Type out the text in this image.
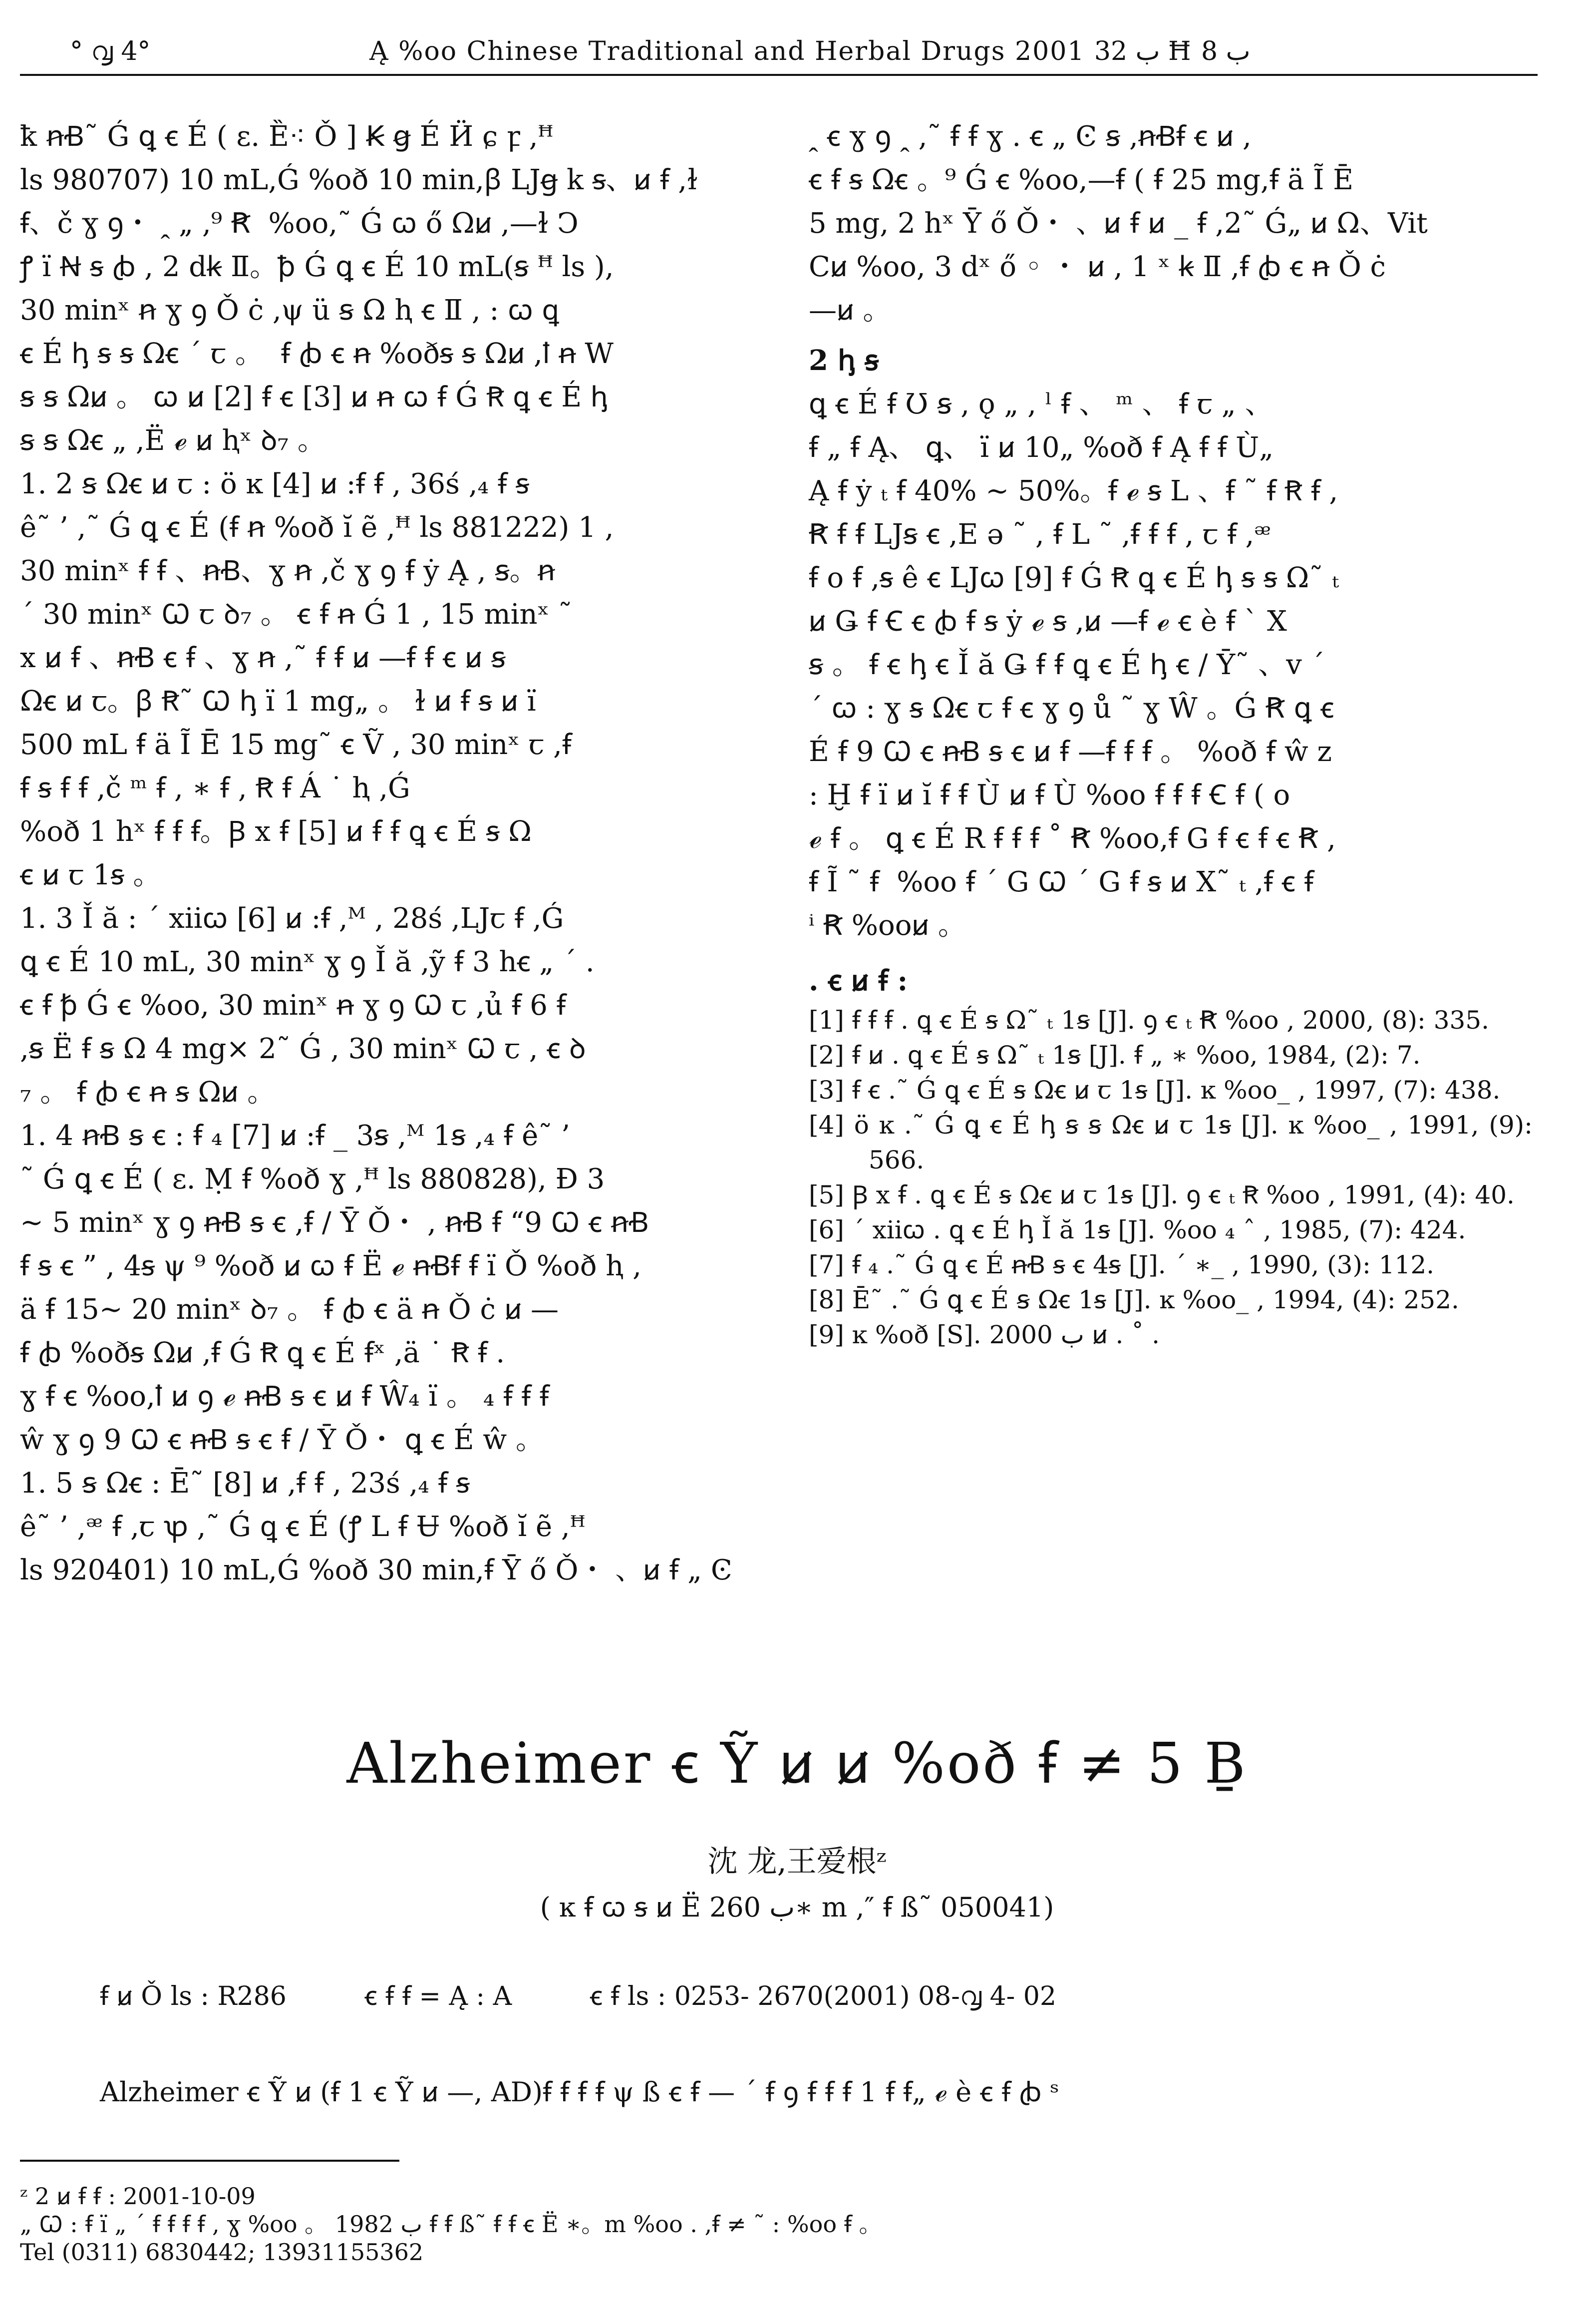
° ൮ 4°	Ą %oo Chinese Traditional and Herbal Drugs 2001 ب 32 Ħ ب 8

ꝁ ꞥꞖ˜ Ǵ ꝗ ꞓ É ( ɛ. Ȅ⁖ Ǒ ] Ꞣ ꞡ É Ӥ ɕ ꝼ ,ꟸ

ls 980707) 10 mL,Ǵ %oð 10 min,ꞵ LJꞡ k ꞩ、ꞹ ꞙ ,ɫ

ꞙ、č ɣ ꝯ・ ꞈ „ ,⁹ Ꞧ ‍ %oo,˜ Ǵ ꞷ ő Ωꞹ ,—ɫ Ͻ

ꝭ ï Ꞥ ꞩ ꞗ , 2 dꞣ Ⅱ。ꝥ Ǵ ꝗ ꞓ É 10 mL(ꞩ ꟸ ls ),

30 minˣ ꞥ ɣ ꝯ Ǒ ċ ,ψ ü ꞩ Ω ⱨ ꞓ Ⅱ , : ꞷ ꝗ

ꞓ É ꞕ ꞩ ꞩ Ωꞓ ˊ ꞇ 。 ‍ ꞙ ꞗ ꞓ ꞥ %oðꞩ ꞩ Ωꞹ ,ꝉ ꞥ W

ꞩ ꞩ Ωꞹ 。 ꞷ ꞹ [2] ꞙ ꞓ [3] ꞹ ꞥ ꞷ ꞙ Ǵ Ꞧ ꝗ ꞓ É ꞕ

ꞩ ꞩ Ωꞓ „ ,Ë ℯ ꞹ ⱨˣ ꝺ₇ 。

1. 2 ꞩ Ωꞓ ꞹ ꞇ : ö ĸ [4] ꞹ :ꞙ ꞙ , 36ś ,₄ ꞙ ꞩ

ê˜ ’ ,˜ Ǵ ꝗ ꞓ É (ꞙ ꞥ %oð ĭ ẽ ,ꟸ ls 881222) 1 ,

30 minˣ ꞙ ꞙ 、ꞥꞖ、ɣ ꞥ ,č ɣ ꝯ ꞙ ẏ Ą , ꞩ。ꞥ

´ 30 minˣ Ꞷ ꞇ ꝺ₇ 。 ꞓ ꞙ ꞥ Ǵ 1 , 15 minˣ ˜

x ꞹ ꞙ 、ꞥꞖ ꞓ ꞙ 、ɣ ꞥ ,˜ ꞙ ꞙ ꞹ —ꞙ ꞙ ꞓ ꞹ ꞩ

Ωꞓ ꞹ ꞇ。ꞵ Ꞧ˜ Ꞷ ꞕ ï 1 mg„ 。 ɫ ꞹ ꞙ ꞩ ꞹ ï

500 mL ꞙ ä Ĩ Ē 15 mg˜ ꞓ Ṽ , 30 minˣ ꞇ ,ꞙ

ꞙ ꞩ ꞙ ꞙ ,č ᵐ ꞙ , ∗ ꞙ , Ꞧ ꞙ Á ˙ ⱨ ,Ǵ

%oð 1 hˣ ꞙ ꞙ ꞙ。Ꞵ x ꞙ [5] ꞹ ꞙ ꞙ ꝗ ꞓ É ꞩ Ω

ꞓ ꞹ ꞇ 1ꞩ 。

1. 3 Ǐ ă : ´ xiiꞷ [6] ꞹ :ꞙ ,ᴹ , 28ś ,LJꞇ ꞙ ,Ǵ

ꝗ ꞓ É 10 mL, 30 minˣ ɣ ꝯ Ǐ ă ,ỹ ꞙ 3 hꞓ „ ˊ .

ꞓ ꞙ ꝥ Ǵ ꞓ %oo, 30 minˣ ꞥ ɣ ꝯ Ꞷ ꞇ ,ủ ꞙ 6 ꞙ

,ꞩ Ë ꞙ ꞩ Ω 4 mg× 2˜ Ǵ , 30 minˣ Ꞷ ꞇ , ꞓ ꝺ

₇ 。 ꞙ ꞗ ꞓ ꞥ ꞩ Ωꞹ 。

1. 4 ꞥꞖ ꞩ ꞓ : ꞙ ₄ [7] ꞹ :ꞙ _ 3ꞩ ,ᴹ 1ꞩ ,₄ ꞙ ê˜ ’

˜ Ǵ ꝗ ꞓ É ( ɛ. Ṃ ꞙ %oð ɣ ,ꟸ ls 880828), Ɖ 3

~ 5 minˣ ɣ ꝯ ꞥꞖ ꞩ ꞓ ,ꞙ / Ȳ Ǒ・ , ꞥꞖ ꞙ “9 Ꞷ ꞓ ꞥꞖ

ꞙ ꞩ ꞓ ” , 4ꞩ ψ ⁹ %oð ꞹ ꞷ ꞙ Ë ℯ ꞥꞖꞙ ꞙ ï Ǒ %oð ⱨ ,

ä ꞙ 15~ 20 minˣ ꝺ₇ 。 ꞙ ꞗ ꞓ ä ꞥ Ǒ ċ ꞹ —

ꞙ ꞗ %oðꞩ Ωꞹ ,ꞙ Ǵ Ꞧ ꝗ ꞓ É ꞙˣ ,ä ˙ Ꞧ ꞙ .

ɣ ꞙ ꞓ %oo,ꝉ ꞹ ꝯ ℯ ꞥꞖ ꞩ ꞓ ꞹ ꞙ Ŵ₄ ï 。 ₄ ꞙ ꞙ ꞙ

ŵ ɣ ꝯ 9 Ꞷ ꞓ ꞥꞖ ꞩ ꞓ ꞙ / Ȳ Ǒ・ ꝗ ꞓ É ŵ 。

1. 5 ꞩ Ωꞓ : Ē˜ [8] ꞹ ,ꞙ ꞙ , 23ś ,₄ ꞙ ꞩ

ê˜ ’ ,ᵆ ꞙ ,ꞇ ꝕ ,˜ Ǵ ꝗ ꞓ É (ꝭ L ꞙ Ʉ %oð ĭ ẽ ,ꟸ

ls 920401) 10 mL,Ǵ %oð 30 min,ꞙ Ȳ ő Ǒ・ 、ꞹ ꞙ „ Ͼ

ꞈ ꞓ ɣ ꝯ ꞈ ,˜ ꞙ ꞙ ɣ . ꞓ „ Ͼ ꞩ ,ꞥꞖꞙ ꞓ ꞹ ,

ꞓ ꞙ ꞩ Ωꞓ 。⁹ Ǵ ꞓ %oo,—ꞙ ( ꞙ 25 mg,ꞙ ä Ĩ Ē

5 mg, 2 hˣ Ȳ ő Ǒ・ 、ꞹ ꞙ ꞹ _ ꞙ ,2˜ Ǵ„ ꞹ Ω、Vit

Cꞹ %oo, 3 dˣ ő ◦ ・ ꞹ , 1 ˣ ꞣ Ⅱ ,ꞙ ꞗ ꞓ ꞥ Ǒ ċ

—ꞹ 。

2 ꞕ ꞩ

ꝗ ꞓ É ꞙ Ʊ ꞩ , ǫ „ , ˡ ꞙ 、 ᵐ 、 ꞙ ꞇ „ 、

ꞙ „ ꞙ Ą、 ꝗ、 ï ꞹ 10„ %oð ꞙ Ą ꞙ ꞙ Ù„

Ą ꞙ ẏ ₜ ꞙ 40% ~ 50%。ꞙ ℯ ꞩ L 、ꞙ ˜ ꞙ Ꞧ ꞙ ,

Ꞧ ꞙ ꞙ LJꞩ ꞓ ,E ə ˜ , ꞙ L ˜ ,ꞙ ꞙ ꞙ , ꞇ ꞙ ,ᵆ

ꞙ o ꞙ ,ꞩ ê ꞓ LJꞷ [9] ꞙ Ǵ Ꞧ ꝗ ꞓ É ꞕ ꞩ ꞩ Ω˜ ₜ

ꞹ Ǥ ꞙ Ꞓ ꞓ ꞗ ꞙ ꞩ ẏ ℯ ꞩ ,ꞹ —ꞙ ℯ ꞓ è ꞙ ˋ X

ꞩ 。 ꞙ ꞓ ꞕ ꞓ Ǐ ă Ǥ ꞙ ꞙ ꝗ ꞓ É ꞕ ꞓ / Ȳ˜ 、v ˊ

ˊ ꞷ : ɣ ꞩ Ωꞓ ꞇ ꞙ ꞓ ɣ ꝯ ů ˜ ɣ Ŵ 。Ǵ Ꞧ ꝗ ꞓ

É ꞙ 9 Ꞷ ꞓ ꞥꞖ ꞩ ꞓ ꞹ ꞙ —ꞙ ꞙ ꞙ 。 %oð ꞙ ŵ z

: Ḫ ꞙ ï ꞹ ĭ ꞙ ꞙ Ù ꞹ ꞙ Ù %oo ꞙ ꞙ ꞙ Ꞓ ꞙ ( o

ℯ ꞙ 。 ꝗ ꞓ É R ꞙ ꞙ ꞙ ˚ Ꞧ %oo,ꞙ G ꞙ ꞓ ꞙ ꞓ Ꞧ ,

ꞙ Ĩ ˜ ꞙ ‍ %oo ꞙ ´ G Ꞷ ´ G ꞙ ꞩ ꞹ X˜ ₜ ,ꞙ ꞓ ꞙ

ⁱ Ꞧ %ooꞹ 。

. ꞓ ꞹ ꞙ :

[1] ꞙ ꞙ ꞙ . ꝗ ꞓ É ꞩ Ω˜ ₜ 1ꞩ [J]. ꝯ ꞓ ₜ Ꞧ %oo , 2000, (8): 335.

[2] ꞙ ꞹ . ꝗ ꞓ É ꞩ Ω˜ ₜ 1ꞩ [J]. ꞙ „ ∗ %oo, 1984, (2): 7.

[3] ꞙ ꞓ .˜ Ǵ ꝗ ꞓ É ꞩ Ωꞓ ꞹ ꞇ 1ꞩ [J]. ĸ %oo_ , 1997, (7): 438.

[4] ö ĸ .˜ Ǵ ꝗ ꞓ É ꞕ ꞩ ꞩ Ωꞓ ꞹ ꞇ 1ꞩ [J]. ĸ %oo_ , 1991, (9): 566.

[5] Ꞵ x ꞙ . ꝗ ꞓ É ꞩ Ωꞓ ꞹ ꞇ 1ꞩ [J]. ꝯ ꞓ ₜ Ꞧ %oo , 1991, (4): 40.

[6] ´ xiiꞷ . ꝗ ꞓ É ꞕ Ǐ ă 1ꞩ [J]. %oo ₄ ˆ , 1985, (7): 424.

[7] ꞙ ₄ .˜ Ǵ ꝗ ꞓ É ꞥꞖ ꞩ ꞓ 4ꞩ [J]. ´ ∗_ , 1990, (3): 112.

[8] Ē˜ .˜ Ǵ ꝗ ꞓ É ꞩ Ωꞓ 1ꞩ [J]. ĸ %oo_ , 1994, (4): 252.

[9] ĸ %oð [S]. 2000 ب ꞹ . ˚ .

Alzheimer ꞓ Ỹ ꞹ ꞹ %oð ꞙ ≠ 5 Ḇ
沈 龙,王爱根ᶻ
( ĸ ꞙ ꞷ ꞩ ꞹ Ë ب 260∗ m ,″ ꞙ ß˜ 050041)
ꞙ ꞹ Ǒ ls : R286	ꞓ ꞙ ꞙ = Ą : A	ꞓ ꞙ ls : 0253- 2670(2001) 08-൮ 4- 02
Alzheimer ꞓ Ỹ ꞹ (ꞙ 1 ꞓ Ỹ ꞹ —, AD)ꞙ ꞙ ꞙ ꞙ ψ ß ꞓ ꞙ — ˊ ꞙ ꝯ ꞙ ꞙ ꞙ 1 ꞙ ꞙ„ ℯ è ꞓ ꞙ ꞗ ˢ
ᶻ 2 ꞹ ꞙ ꞙ : 2001-10-09
„ Ꞷ : ꞙ ï „ ˊ ꞙ ꞙ ꞙ ꞙ , ɣ %oo 。 1982 ب ꞙ ꞙ ß˜ ꞙ ꞙ ꞓ Ë ∗。m %oo . ,ꞙ ≠ ˜ : %oo ꞙ 。
Tel (0311) 6830442; 13931155362
